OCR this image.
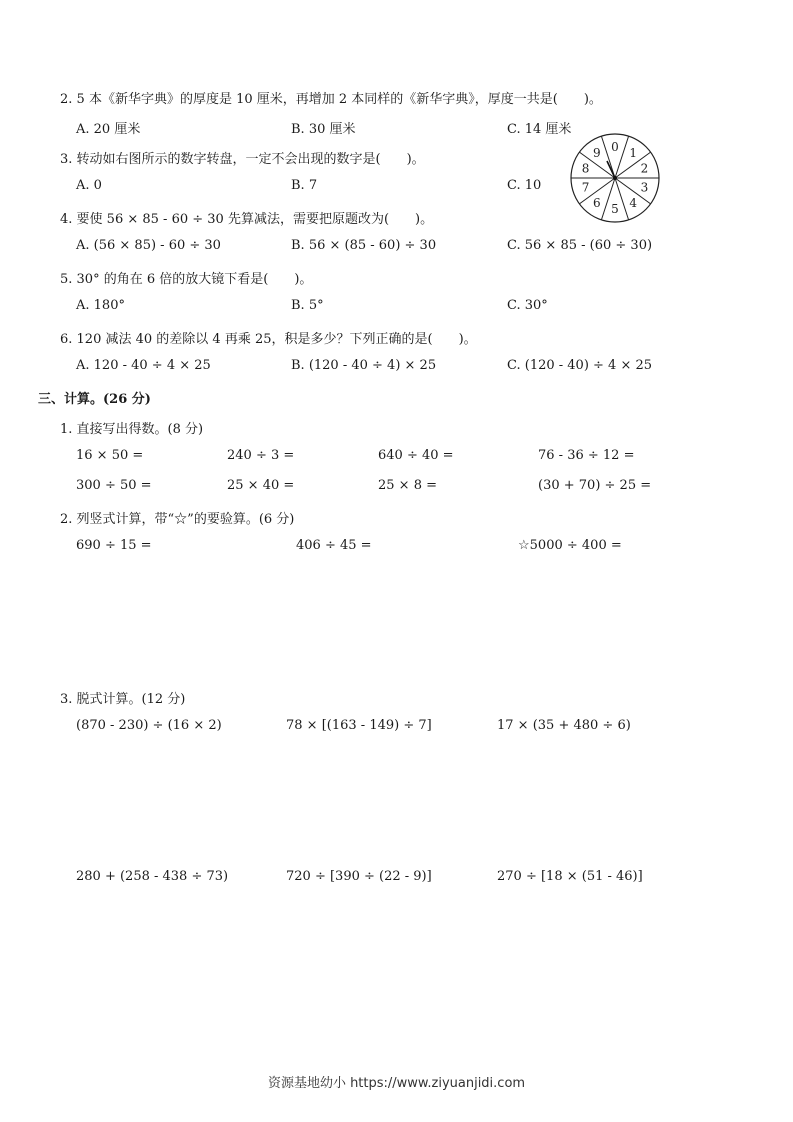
2. 5 本《新华字典》的厚度是 10 厘米，再增加 2 本同样的《新华字典》，厚度一共是(　　)。
A. 20 厘米	B. 30 厘米	C. 14 厘米
3. 转动如右图所示的数字转盘，一定不会出现的数字是(　　)。
A. 0	B. 7	C. 10
0 1
2
3
4
5
6
7
8
9
4. 要使 56 × 85 - 60 ÷ 30 先算减法，需要把原题改为(　　)。
A. (56 × 85) - 60 ÷ 30	B. 56 × (85 - 60) ÷ 30	C. 56 × 85 - (60 ÷ 30)
5. 30° 的角在 6 倍的放大镜下看是(　　)。
A. 180°	B. 5°	C. 30°
6. 120 减法 40 的差除以 4 再乘 25，积是多少？下列正确的是(　　)。
A. 120 - 40 ÷ 4 × 25	B. (120 - 40 ÷ 4) × 25	C. (120 - 40) ÷ 4 × 25
三、计算。(26 分)
1. 直接写出得数。(8 分)
16 × 50 =	240 ÷ 3 =	640 ÷ 40 =	76 - 36 ÷ 12 =
300 ÷ 50 =	25 × 40 =	25 × 8 =	(30 + 70) ÷ 25 =
2. 列竖式计算，带“☆”的要验算。(6 分)
690 ÷ 15 =	406 ÷ 45 =	☆5000 ÷ 400 =
3. 脱式计算。(12 分)
(870 - 230) ÷ (16 × 2)	78 × [(163 - 149) ÷ 7]	17 × (35 + 480 ÷ 6)
280 + (258 - 438 ÷ 73)	720 ÷ [390 ÷ (22 - 9)]	270 ÷ [18 × (51 - 46)]
资源基地幼小 https://www.ziyuanjidi.com
